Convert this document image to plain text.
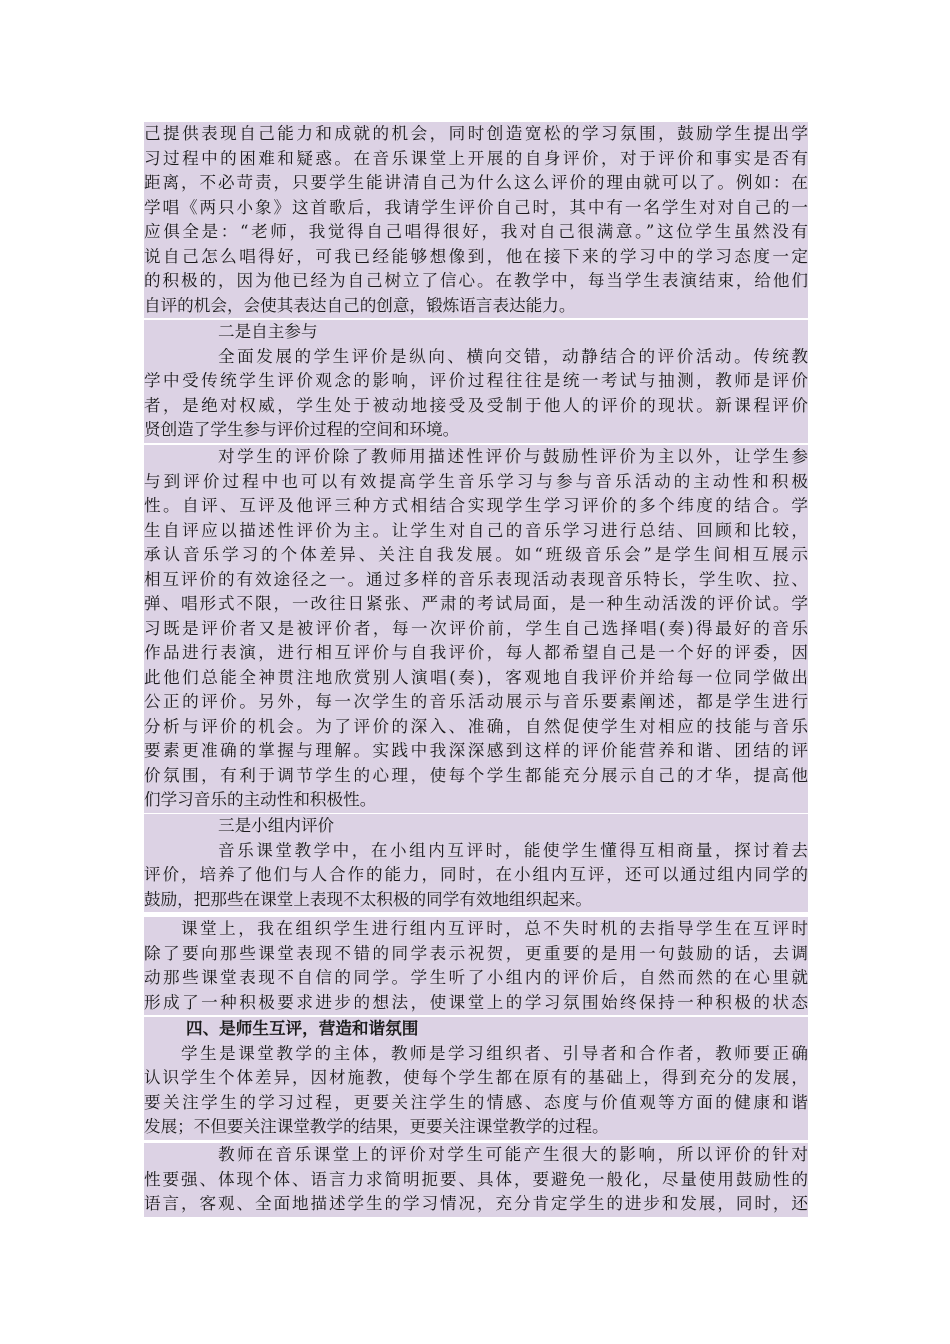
己提供表现自己能力和成就的机会，同时创造宽松的学习氛围，鼓励学生提出学
习过程中的困难和疑惑。在音乐课堂上开展的自身评价，对于评价和事实是否有
距离，不必苛责，只要学生能讲清自己为什么这么评价的理由就可以了。例如：在
学唱《两只小象》这首歌后，我请学生评价自己时，其中有一名学生对对自己的一
应俱全是：“老师，我觉得自己唱得很好，我对自己很满意。”这位学生虽然没有
说自己怎么唱得好，可我已经能够想像到，他在接下来的学习中的学习态度一定
的积极的，因为他已经为自己树立了信心。在教学中，每当学生表演结束，给他们
自评的机会，会使其表达自己的创意，锻炼语言表达能力。
二是自主参与
全面发展的学生评价是纵向、横向交错，动静结合的评价活动。传统教
学中受传统学生评价观念的影响，评价过程往往是统一考试与抽测，教师是评价
者，是绝对权威，学生处于被动地接受及受制于他人的评价的现状。新课程评价
贤创造了学生参与评价过程的空间和环境。
对学生的评价除了教师用描述性评价与鼓励性评价为主以外，让学生参
与到评价过程中也可以有效提高学生音乐学习与参与音乐活动的主动性和积极
性。自评、互评及他评三种方式相结合实现学生学习评价的多个纬度的结合。学
生自评应以描述性评价为主。让学生对自己的音乐学习进行总结、回顾和比较，
承认音乐学习的个体差异、关注自我发展。如“班级音乐会”是学生间相互展示
相互评价的有效途径之一。通过多样的音乐表现活动表现音乐特长，学生吹、拉、
弹、唱形式不限，一改往日紧张、严肃的考试局面，是一种生动活泼的评价试。学
习既是评价者又是被评价者，每一次评价前，学生自己选择唱(奏)得最好的音乐
作品进行表演，进行相互评价与自我评价，每人都希望自己是一个好的评委，因
此他们总能全神贯注地欣赏别人演唱(奏)，客观地自我评价并给每一位同学做出
公正的评价。另外，每一次学生的音乐活动展示与音乐要素阐述，都是学生进行
分析与评价的机会。为了评价的深入、准确，自然促使学生对相应的技能与音乐
要素更准确的掌握与理解。实践中我深深感到这样的评价能营养和谐、团结的评
价氛围，有利于调节学生的心理，使每个学生都能充分展示自己的才华，提高他
们学习音乐的主动性和积极性。
三是小组内评价
音乐课堂教学中，在小组内互评时，能使学生懂得互相商量，探讨着去
评价，培养了他们与人合作的能力，同时，在小组内互评，还可以通过组内同学的
鼓励，把那些在课堂上表现不太积极的同学有效地组织起来。
课堂上，我在组织学生进行组内互评时，总不失时机的去指导学生在互评时
除了要向那些课堂表现不错的同学表示祝贺，更重要的是用一句鼓励的话，去调
动那些课堂表现不自信的同学。学生听了小组内的评价后，自然而然的在心里就
形成了一种积极要求进步的想法，使课堂上的学习氛围始终保持一种积极的状态
四、是师生互评，营造和谐氛围
学生是课堂教学的主体，教师是学习组织者、引导者和合作者，教师要正确
认识学生个体差异，因材施教，使每个学生都在原有的基础上，得到充分的发展，
要关注学生的学习过程，更要关注学生的情感、态度与价值观等方面的健康和谐
发展；不但要关注课堂教学的结果，更要关注课堂教学的过程。
教师在音乐课堂上的评价对学生可能产生很大的影响，所以评价的针对
性要强、体现个体、语言力求简明扼要、具体，要避免一般化，尽量使用鼓励性的
语言，客观、全面地描述学生的学习情况，充分肯定学生的进步和发展，同时，还
